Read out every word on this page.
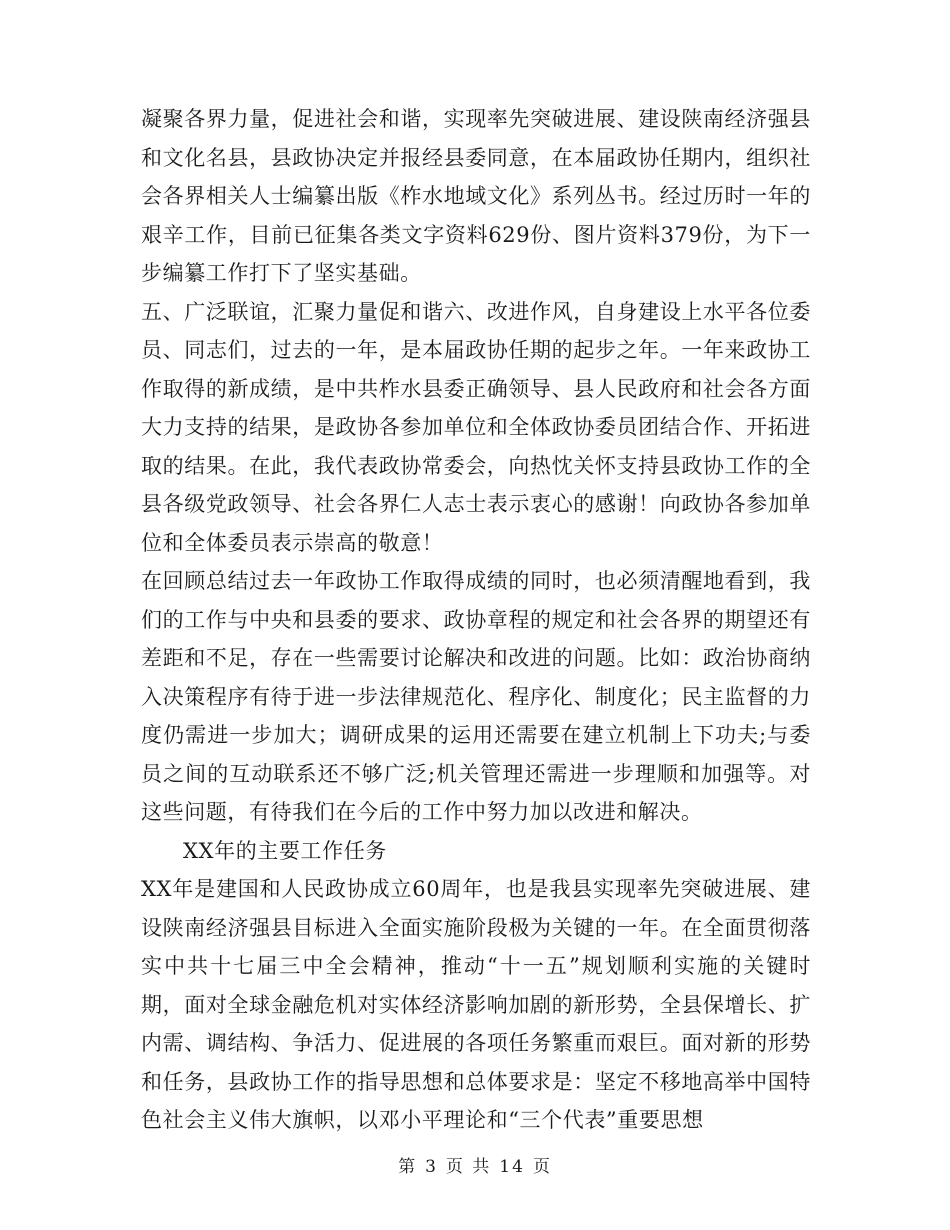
凝聚各界力量，促进社会和谐，实现率先突破进展、建设陕南经济强县和文化名县，县政协决定并报经县委同意，在本届政协任期内，组织社会各界相关人士编纂出版《柞水地域文化》系列丛书。经过历时一年的艰辛工作，目前已征集各类文字资料629份、图片资料379份，为下一步编纂工作打下了坚实基础。

五、广泛联谊，汇聚力量促和谐六、改进作风，自身建设上水平各位委员、同志们，过去的一年，是本届政协任期的起步之年。一年来政协工作取得的新成绩，是中共柞水县委正确领导、县人民政府和社会各方面大力支持的结果，是政协各参加单位和全体政协委员团结合作、开拓进取的结果。在此，我代表政协常委会，向热忱关怀支持县政协工作的全县各级党政领导、社会各界仁人志士表示衷心的感谢！向政协各参加单位和全体委员表示崇高的敬意！

在回顾总结过去一年政协工作取得成绩的同时，也必须清醒地看到，我们的工作与中央和县委的要求、政协章程的规定和社会各界的期望还有差距和不足，存在一些需要讨论解决和改进的问题。比如：政治协商纳入决策程序有待于进一步法律规范化、程序化、制度化；民主监督的力度仍需进一步加大；调研成果的运用还需要在建立机制上下功夫;与委员之间的互动联系还不够广泛;机关管理还需进一步理顺和加强等。对这些问题，有待我们在今后的工作中努力加以改进和解决。

XX年的主要工作任务

XX年是建国和人民政协成立60周年，也是我县实现率先突破进展、建设陕南经济强县目标进入全面实施阶段极为关键的一年。在全面贯彻落实中共十七届三中全会精神，推动“十一五”规划顺利实施的关键时期，面对全球金融危机对实体经济影响加剧的新形势，全县保增长、扩内需、调结构、争活力、促进展的各项任务繁重而艰巨。面对新的形势和任务，县政协工作的指导思想和总体要求是：坚定不移地高举中国特色社会主义伟大旗帜，以邓小平理论和“三个代表”重要思想

第 3 页 共 14 页
